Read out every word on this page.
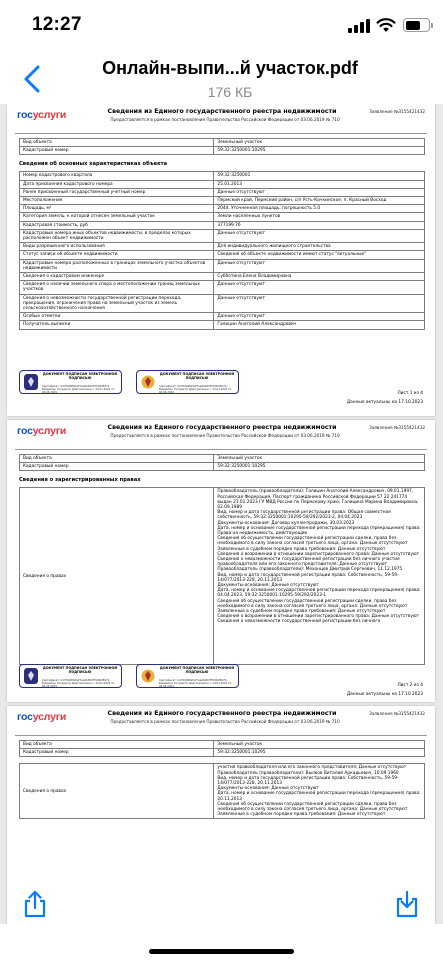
12:27
Онлайн-выпи...й участок.pdf
176 КБ
госуслуги	Сведения из Единого государственного реестра недвижимости
Предоставляется в рамках постановления Правительства Российской Федерации от 03.06.2019 № 710
Заявление №3155421432
Вид объекта	Земельный участок
Кадастровый номер	59:32:3250001:10295
Сведения об основных характеристиках объекта
Номер кадастрового квартала	59:32:3250001
Дата присвоения кадастрового номера	25.01.2013
Ранее присвоенный государственный учетный номер	Данные отсутствуют
Местоположение	Пермский край, Пермский район, с/п Усть-Качкинское, п. Красный Восход
Площадь, м²	2044. Уточненная площадь, погрешность 5.0
Категория земель, к которой отнесен земельный участок	Земли населенных пунктов
Кадастровая стоимость, руб	377199.76
Кадастровые номера иных объектов недвижимости, в пределах которых расположен объект недвижимости	Данные отсутствуют
Виды разрешенного использования	Для индивидуального жилищного строительства
Статус записи об объекте недвижимости	Сведения об объекте недвижимости имеют статус "актуальные"
Кадастровые номера расположенных в границах земельного участка объектов недвижимости	Данные отсутствуют
Сведения о кадастровом инженере	Субботина Елена Владимировна
Сведения о наличии земельного спора о местоположении границ земельных участков	Данные отсутствуют
Сведения о невозможности государственной регистрации перехода, прекращения, ограничения права на земельный участок из земель сельскохозяйственного назначения	Данные отсутствуют
Особые отметки	Данные отсутствуют
Получатель выписки	Галицин Анатолий Александрович
ДОКУМЕНТ ПОДПИСАН ЭЛЕКТРОННОЙ ПОДПИСЬЮ
Сертификат: 04754b88a5af7ae9b4fbf7f9d0bf697b Владелец: Росреестр Действителен: с 10.01.2023 по 04.04.2024
ДОКУМЕНТ ПОДПИСАН ЭЛЕКТРОННОЙ ПОДПИСЬЮ
Сертификат: 04754b88a5af7ae9b4fbf7f9d0bf697b Владелец: Росреестр Действителен: с 10.01.2023 по 04.04.2024	Лист 1 из 4
Данные актуальны на 17.10.2023
госуслуги	Сведения из Единого государственного реестра недвижимости
Предоставляется в рамках постановления Правительства Российской Федерации от 03.06.2019 № 710
Заявление №3155421432
Вид объекта	Земельный участок
Кадастровый номер	59:32:3250001:10295
Сведения о зарегистрированных правах
Сведения о правах	

Правообладатель (правообладатели): Галицин Анатолий Александрович, 09.01.1997, Российская Федерация, Паспорт гражданина Российской Федерации 57 22 241774 выдан 21.01.2023 ГУ МВД России по Пермскому краю; Галицина Марина Владимировна, 02.09.1989

Вид, номер и дата государственной регистрации права: Общая совместная собственность, 59:32:3250001:10295-59/292/2023-2, 04.04.2023

Документы-основания: Договор купли-продажи, 30.03.2023

Дата, номер и основание государственной регистрации перехода (прекращения) права: Права на недвижимость, действующие

Сведения об осуществлении государственной регистрации сделки, права без необходимого в силу закона согласия третьего лица, органа: Данные отсутствуют

Заявленные в судебном порядке права требования: Данные отсутствуют

Сведения о возражении в отношении зарегистрированного права: Данные отсутствуют

Сведения о невозможности государственной регистрации без личного участия правообладателя или его законного представителя: Данные отсутствуют

Правообладатель (правообладатели): Мехонцев Дмитрий Сергеевич, 11.12.1975

Вид, номер и дата государственной регистрации права: Собственность, 59-59-14/077/2013-229, 20.11.2013

Документы-основания: Данные отсутствуют

Дата, номер и основание государственной регистрации перехода (прекращения) права: 04.04.2023, 59:32:3250001:10295-59/292/2023-1

Сведения об осуществлении государственной регистрации сделки, права без необходимого в силу закона согласия третьего лица, органа: Данные отсутствуют

Заявленные в судебном порядке права требования: Данные отсутствуют

Сведения о возражении в отношении зарегистрированного права: Данные отсутствуют

Сведения о невозможности государственной регистрации без личного

ДОКУМЕНТ ПОДПИСАН ЭЛЕКТРОННОЙ ПОДПИСЬЮ
Сертификат: 04754b88a5af7ae9b4fbf7f9d0bf697b Владелец: Росреестр Действителен: с 10.01.2023 по 04.04.2024
ДОКУМЕНТ ПОДПИСАН ЭЛЕКТРОННОЙ ПОДПИСЬЮ
Сертификат: 04754b88a5af7ae9b4fbf7f9d0bf697b Владелец: Росреестр Действителен: с 10.01.2023 по 04.04.2024	Лист 2 из 4
Данные актуальны на 17.10.2023
госуслуги	Сведения из Единого государственного реестра недвижимости
Предоставляется в рамках постановления Правительства Российской Федерации от 03.06.2019 № 710
Заявление №3155421432
Вид объекта	Земельный участок
Кадастровый номер	59:32:3250001:10295
Сведения о правах	

участия правообладателя или его законного представителя: Данные отсутствуют

Правообладатель (правообладатели): Вылков Виталий Аркадьевич, 10.09.1960

Вид, номер и дата государственной регистрации права: Собственность, 59-59-14/077/2013-228, 20.11.2013

Документы-основания: Данные отсутствуют

Дата, номер и основание государственной регистрации перехода (прекращения) права: 20.11.2013

Сведения об осуществлении государственной регистрации сделки, права без необходимого в силу закона согласия третьего лица, органа: Данные отсутствуют

Заявленные в судебном порядке права требования: Данные отсутствуют
